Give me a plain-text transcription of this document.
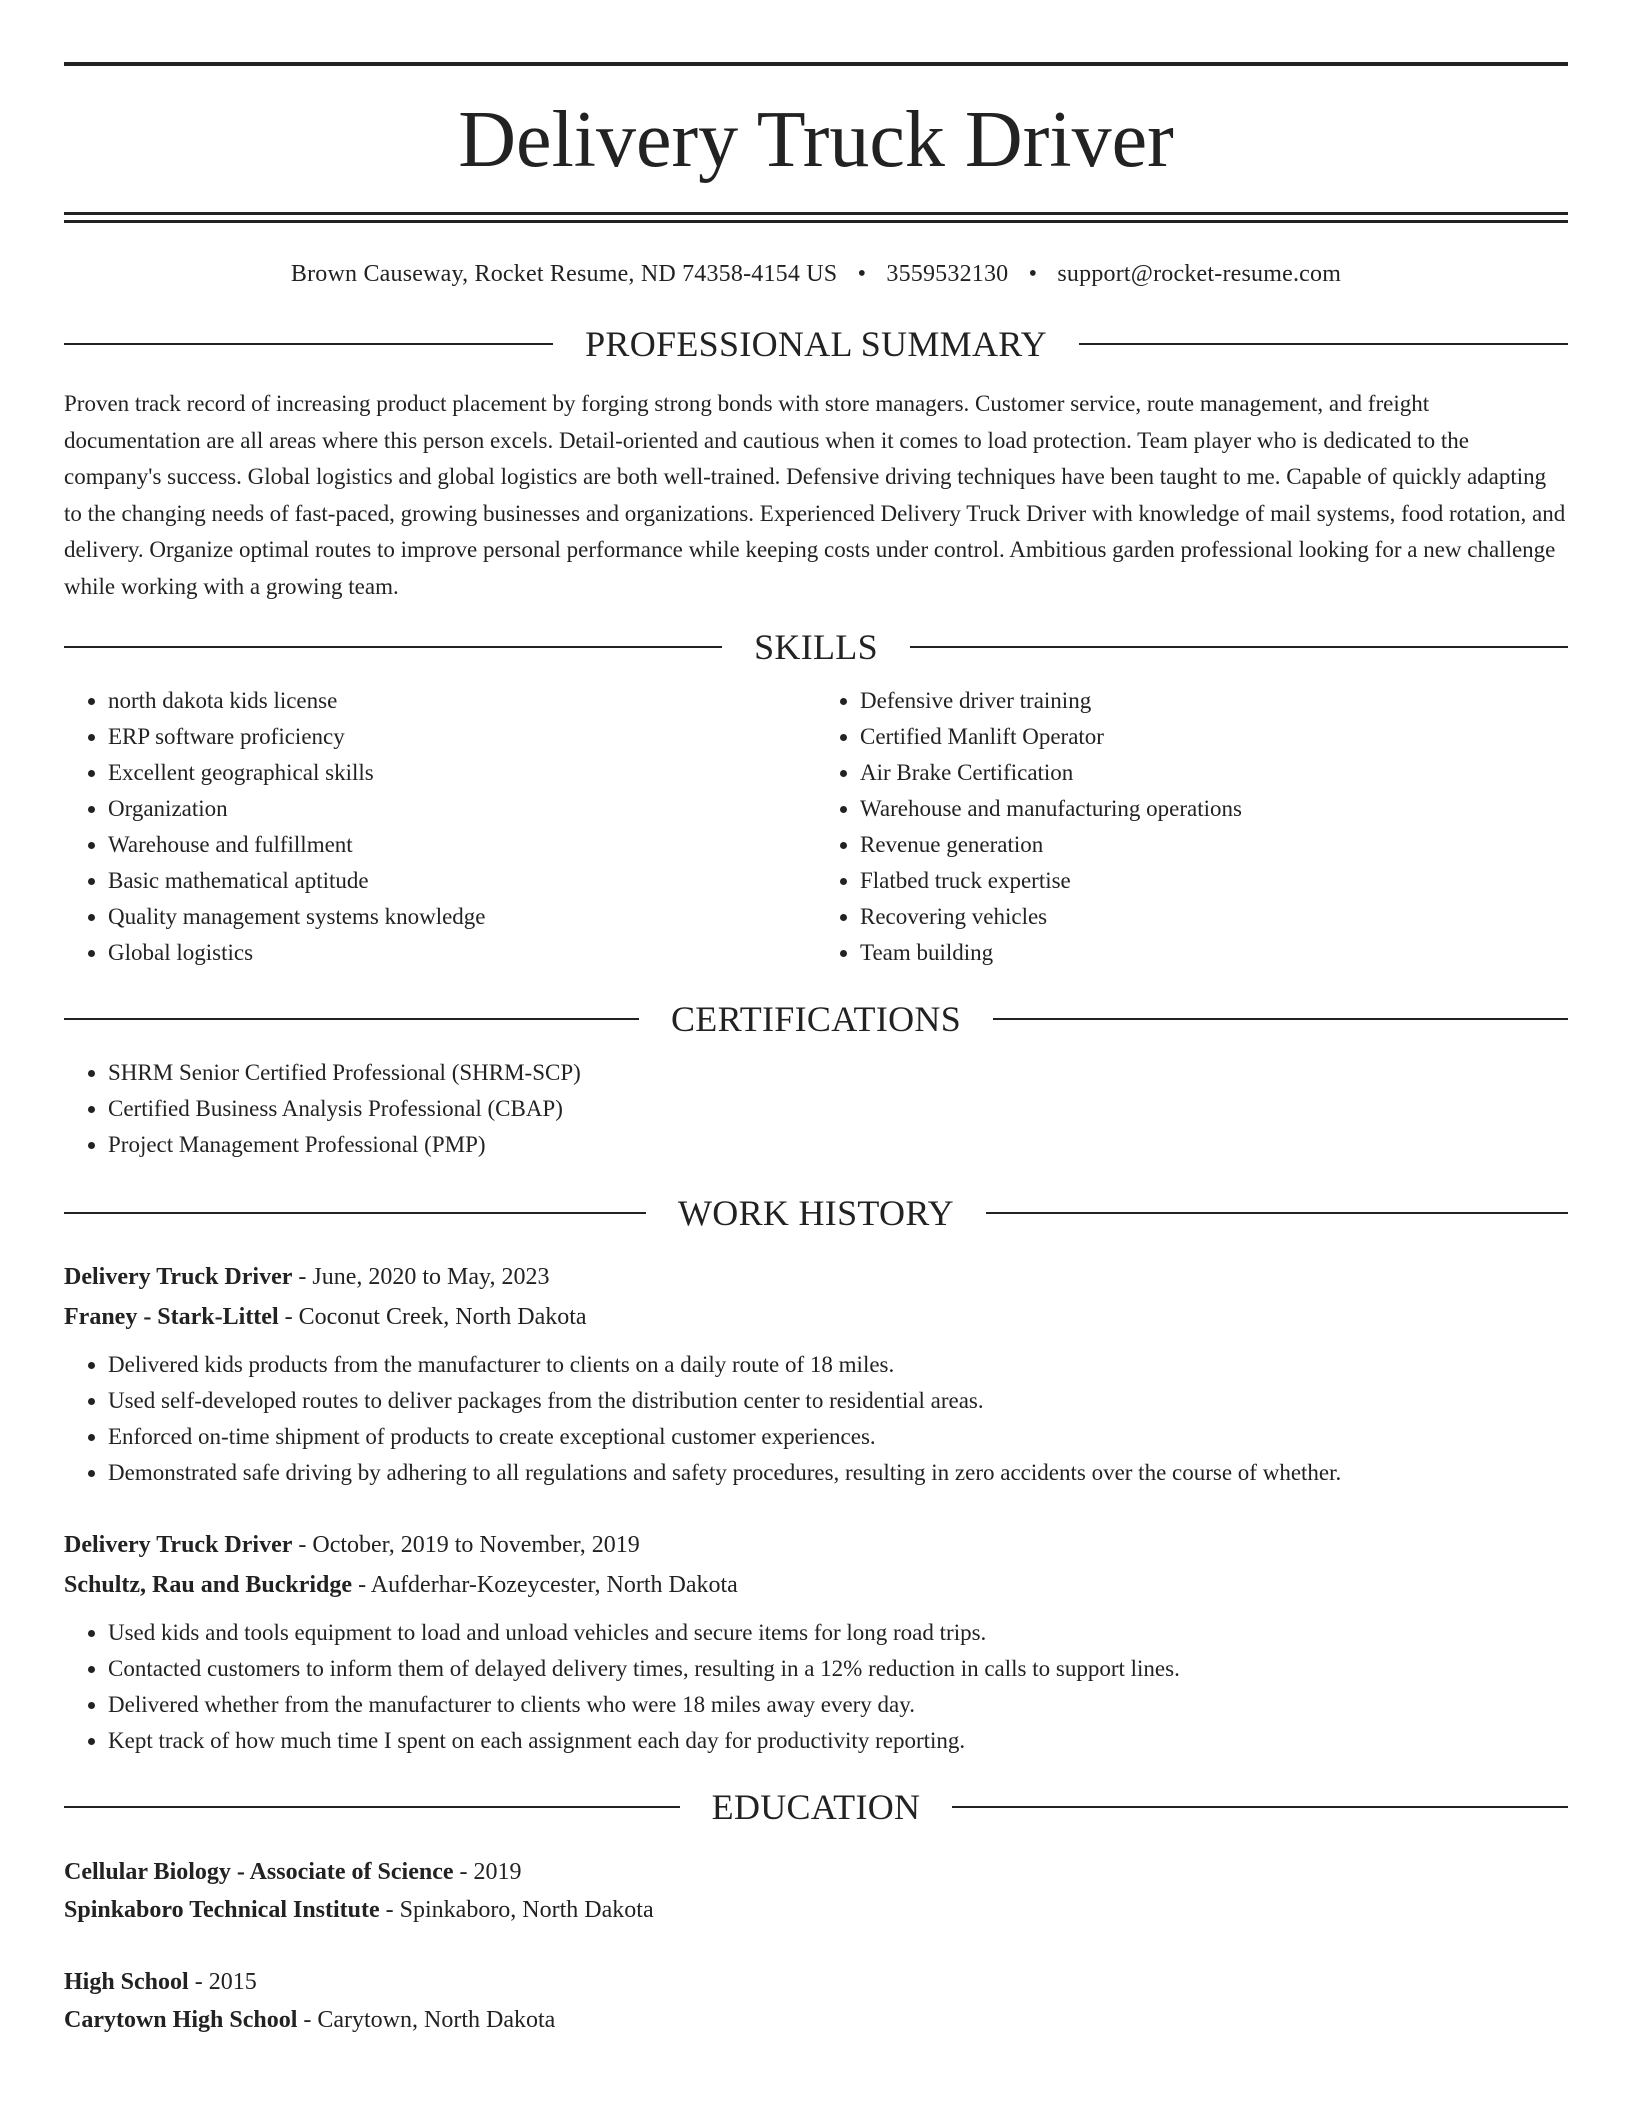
Delivery Truck Driver
Brown Causeway, Rocket Resume, ND 74358-4154 US • 3559532130 • support@rocket-resume.com
PROFESSIONAL SUMMARY
Proven track record of increasing product placement by forging strong bonds with store managers. Customer service, route management, and freight documentation are all areas where this person excels. Detail-oriented and cautious when it comes to load protection. Team player who is dedicated to the company's success. Global logistics and global logistics are both well-trained. Defensive driving techniques have been taught to me. Capable of quickly adapting to the changing needs of fast-paced, growing businesses and organizations. Experienced Delivery Truck Driver with knowledge of mail systems, food rotation, and delivery. Organize optimal routes to improve personal performance while keeping costs under control. Ambitious garden professional looking for a new challenge while working with a growing team.
SKILLS
• north dakota kids license
• ERP software proficiency
• Excellent geographical skills
• Organization
• Warehouse and fulfillment
• Basic mathematical aptitude
• Quality management systems knowledge
• Global logistics
• Defensive driver training
• Certified Manlift Operator
• Air Brake Certification
• Warehouse and manufacturing operations
• Revenue generation
• Flatbed truck expertise
• Recovering vehicles
• Team building
CERTIFICATIONS
• SHRM Senior Certified Professional (SHRM-SCP)
• Certified Business Analysis Professional (CBAP)
• Project Management Professional (PMP)
WORK HISTORY
Delivery Truck Driver - June, 2020 to May, 2023
Franey - Stark-Littel - Coconut Creek, North Dakota
• Delivered kids products from the manufacturer to clients on a daily route of 18 miles.
• Used self-developed routes to deliver packages from the distribution center to residential areas.
• Enforced on-time shipment of products to create exceptional customer experiences.
• Demonstrated safe driving by adhering to all regulations and safety procedures, resulting in zero accidents over the course of whether.
Delivery Truck Driver - October, 2019 to November, 2019
Schultz, Rau and Buckridge - Aufderhar-Kozeycester, North Dakota
• Used kids and tools equipment to load and unload vehicles and secure items for long road trips.
• Contacted customers to inform them of delayed delivery times, resulting in a 12% reduction in calls to support lines.
• Delivered whether from the manufacturer to clients who were 18 miles away every day.
• Kept track of how much time I spent on each assignment each day for productivity reporting.
EDUCATION
Cellular Biology - Associate of Science - 2019
Spinkaboro Technical Institute - Spinkaboro, North Dakota
High School - 2015
Carytown High School - Carytown, North Dakota
